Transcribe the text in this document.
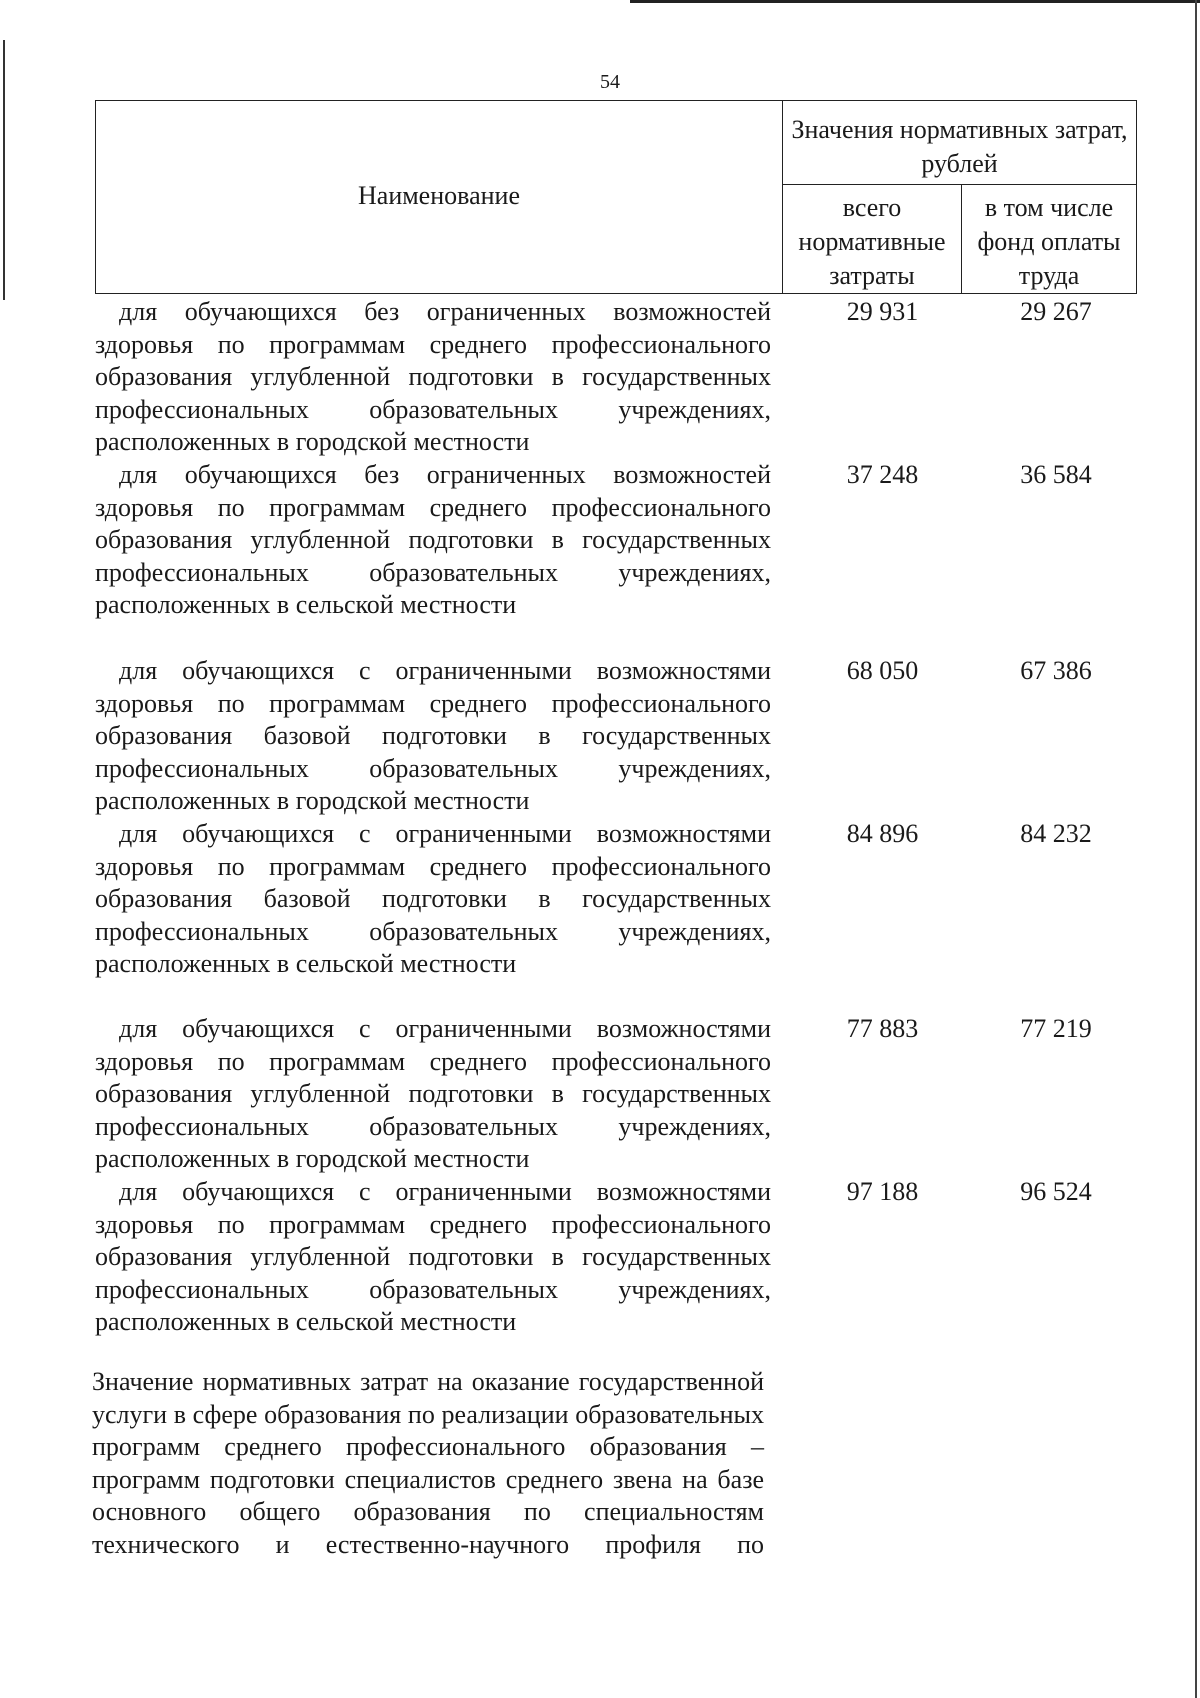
54
Наименование
Значения нормативных затрат, рублей
всего нормативные затраты
в том числе фонд оплаты труда
для обучающихся без ограниченных возможностей здоровья по программам среднего профессионального образования углубленной подготовки в государственных профессиональных образовательных учреждениях, расположенных в городской местности
29 931	29 267
для обучающихся без ограниченных возможностей здоровья по программам среднего профессионального образования углубленной подготовки в государственных профессиональных образовательных учреждениях, расположенных в сельской местности
37 248	36 584
для обучающихся с ограниченными возможностями здоровья по программам среднего профессионального образования базовой подготовки в государственных профессиональных образовательных учреждениях, расположенных в городской местности
68 050	67 386
для обучающихся с ограниченными возможностями здоровья по программам среднего профессионального образования базовой подготовки в государственных профессиональных образовательных учреждениях, расположенных в сельской местности
84 896	84 232
для обучающихся с ограниченными возможностями здоровья по программам среднего профессионального образования углубленной подготовки в государственных профессиональных образовательных учреждениях, расположенных в городской местности
77 883	77 219
для обучающихся с ограниченными возможностями здоровья по программам среднего профессионального образования углубленной подготовки в государственных профессиональных образовательных учреждениях, расположенных в сельской местности
97 188	96 524
Значение нормативных затрат на оказание государственной услуги в сфере образования по реализации образовательных программ среднего профессионального образования – программ подготовки специалистов среднего звена на базе основного общего образования по специальностям технического и естественно-научного профиля по
